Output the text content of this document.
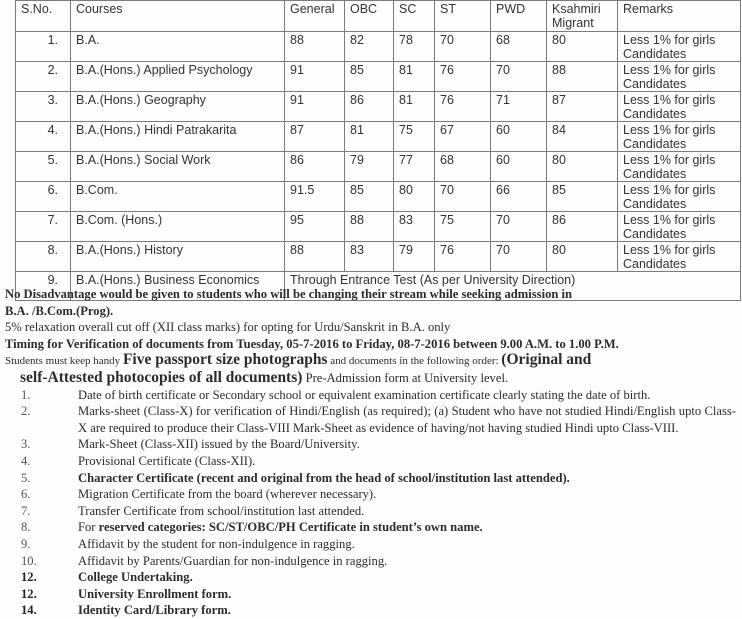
S.No.	Courses	General	OBC	SC	ST	PWD	Ksahmiri Migrant	Remarks
1.	B.A.	88	82	78	70	68	80	Less 1% for girls Candidates
2.	B.A.(Hons.) Applied Psychology	91	85	81	76	70	88	Less 1% for girls Candidates
3.	B.A.(Hons.) Geography	91	86	81	76	71	87	Less 1% for girls Candidates
4.	B.A.(Hons.) Hindi Patrakarita	87	81	75	67	60	84	Less 1% for girls Candidates
5.	B.A.(Hons.) Social Work	86	79	77	68	60	80	Less 1% for girls Candidates
6.	B.Com.	91.5	85	80	70	66	85	Less 1% for girls Candidates
7.	B.Com. (Hons.)	95	88	83	75	70	86	Less 1% for girls Candidates
8.	B.A.(Hons.) History	88	83	79	76	70	80	Less 1% for girls Candidates
9.	B.A.(Hons.) Business Economics	Through Entrance Test (As per University Direction)						

No Disadvantage would be given to students who will be changing their stream while seeking admission in

B.A. /B.Com.(Prog).

5% relaxation overall cut off (XII class marks) for opting for Urdu/Sanskrit in B.A. only

Timing for Verification of documents from Tuesday, 05-7-2016 to Friday, 08-7-2016 between 9.00 A.M. to 1.00 P.M.

Students must keep handy Five passport size photographs and documents in the following order: (Original and

self-Attested photocopies of all documents) Pre-Admission form at University level.

1.	Date of birth certificate or Secondary school or equivalent examination certificate clearly stating the date of birth.
2.	Marks-sheet (Class-X) for verification of Hindi/English (as required); (a) Student who have not studied Hindi/English upto Class-X are required to produce their Class-VIII Mark-Sheet as evidence of having/not having studied Hindi upto Class-VIII.
3.	Mark-Sheet (Class-XII) issued by the Board/University.
4.	Provisional Certificate (Class-XII).
5.	Character Certificate (recent and original from the head of school/institution last attended).
6.	Migration Certificate from the board (wherever necessary).
7.	Transfer Certificate from school/institution last attended.
8.	For reserved categories: SC/ST/OBC/PH Certificate in student’s own name.
9.	Affidavit by the student for non-indulgence in ragging.
10.	Affidavit by Parents/Guardian for non-indulgence in ragging.
12.	College Undertaking.
12.	University Enrollment form.
14.	Identity Card/Library form.
